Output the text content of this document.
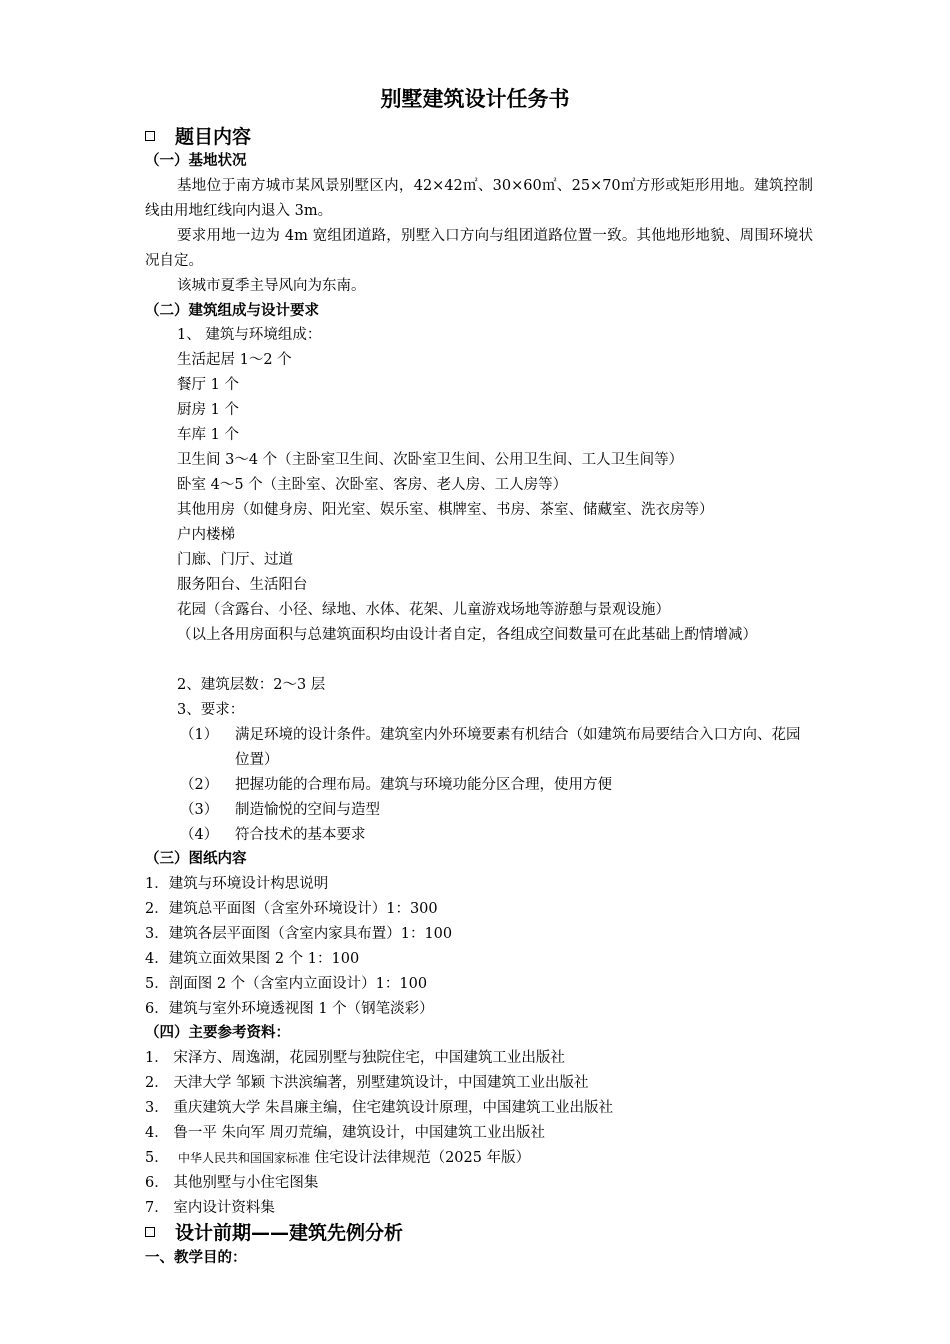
别墅建筑设计任务书
题目内容
（一）基地状况
基地位于南方城市某风景别墅区内，42×42㎡、30×60㎡、25×70㎡方形或矩形用地。建筑控制线由用地红线向内退入 3m。
要求用地一边为 4m 宽组团道路，别墅入口方向与组团道路位置一致。其他地形地貌、周围环境状况自定。
该城市夏季主导风向为东南。
（二）建筑组成与设计要求
1、 建筑与环境组成：
生活起居 1～2 个
餐厅 1 个
厨房 1 个
车库 1 个
卫生间 3～4 个（主卧室卫生间、次卧室卫生间、公用卫生间、工人卫生间等）
卧室 4～5 个（主卧室、次卧室、客房、老人房、工人房等）
其他用房（如健身房、阳光室、娱乐室、棋牌室、书房、茶室、储藏室、洗衣房等）
户内楼梯
门廊、门厅、过道
服务阳台、生活阳台
花园（含露台、小径、绿地、水体、花架、儿童游戏场地等游憩与景观设施）
（以上各用房面积与总建筑面积均由设计者自定，各组成空间数量可在此基础上酌情增减）
2、建筑层数：2～3 层
3、要求：
（1） 满足环境的设计条件。建筑室内外环境要素有机结合（如建筑布局要结合入口方向、花园位置）
（2） 把握功能的合理布局。建筑与环境功能分区合理，使用方便
（3） 制造愉悦的空间与造型
（4） 符合技术的基本要求
（三）图纸内容
1．建筑与环境设计构思说明
2．建筑总平面图（含室外环境设计）1：300
3．建筑各层平面图（含室内家具布置）1：100
4．建筑立面效果图 2 个 1：100
5．剖面图 2 个（含室内立面设计）1：100
6．建筑与室外环境透视图 1 个（钢笔淡彩）
（四）主要参考资料：
1． 宋泽方、周逸湖，花园别墅与独院住宅，中国建筑工业出版社
2． 天津大学 邹颖 卞洪滨编著，别墅建筑设计，中国建筑工业出版社
3． 重庆建筑大学 朱昌廉主编，住宅建筑设计原理，中国建筑工业出版社
4． 鲁一平 朱向军 周刃荒编，建筑设计，中国建筑工业出版社
5．  中华人民共和国国家标准 住宅设计法律规范（2025 年版）
6． 其他别墅与小住宅图集
7． 室内设计资料集
设计前期——建筑先例分析
一、教学目的：
